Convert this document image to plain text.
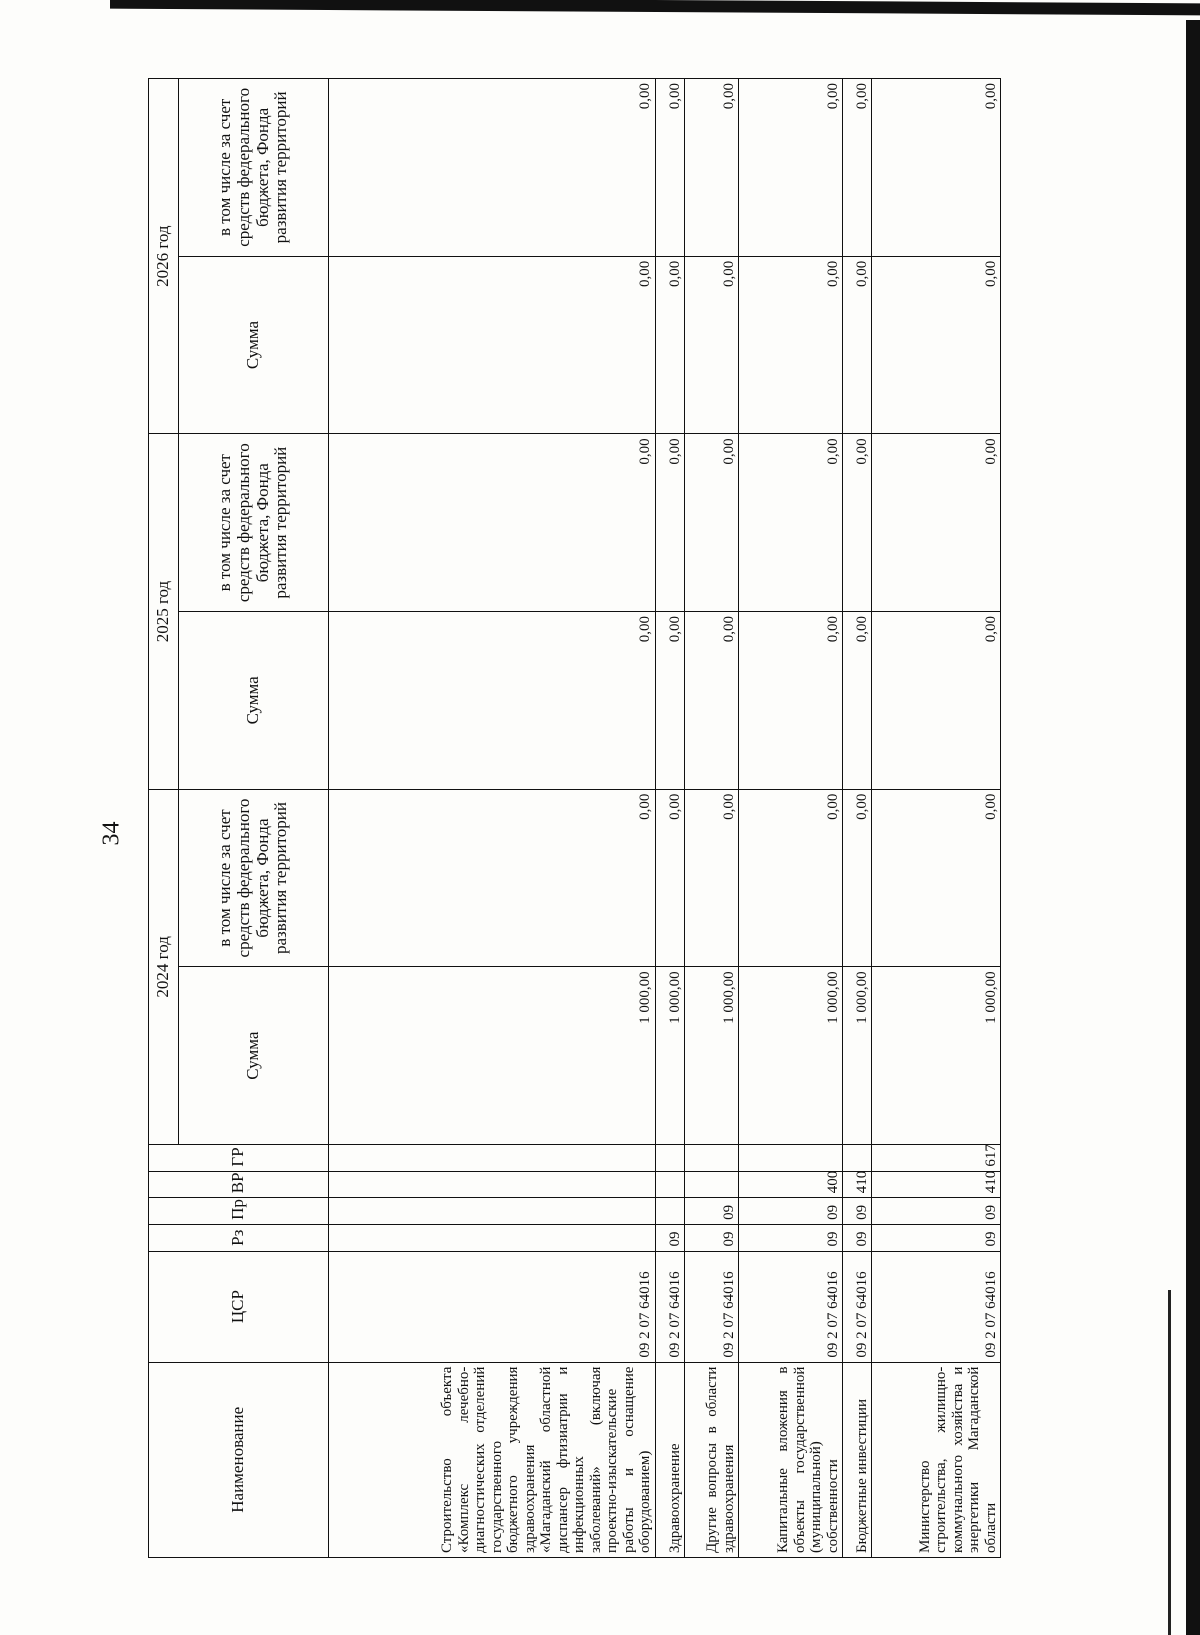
34
Наименование	ЦСР	Рз	Пр	ВР	ГР	2024 год		2025 год		2026 год	
						Сумма	в том числе за счет средств федерального бюджета, Фонда развития территорий	Сумма	в том числе за счет средств федерального бюджета, Фонда развития территорий	Сумма	в том числе за счет средств федерального бюджета, Фонда развития территорий
Строительство объекта «Комплекс лечебно-диагностических отделений государственного бюджетного учреждения здравоохранения «Магаданский областной диспансер фтизиатрии и инфекционных заболеваний» (включая проектно-изыскательские работы и оснащение оборудованием)	09 2 07 64016					1 000,00	0,00	0,00	0,00	0,00	0,00
Здравоохранение	09 2 07 64016	09				1 000,00	0,00	0,00	0,00	0,00	0,00
Другие вопросы в области здравоохранения	09 2 07 64016	09	09			1 000,00	0,00	0,00	0,00	0,00	0,00
Капитальные вложения в объекты государственной (муниципальной) собственности	09 2 07 64016	09	09	400		1 000,00	0,00	0,00	0,00	0,00	0,00
Бюджетные инвестиции	09 2 07 64016	09	09	410		1 000,00	0,00	0,00	0,00	0,00	0,00
Министерство строительства, жилищно-коммунального хозяйства и энергетики Магаданской области	09 2 07 64016	09	09	410	617	1 000,00	0,00	0,00	0,00	0,00	0,00
